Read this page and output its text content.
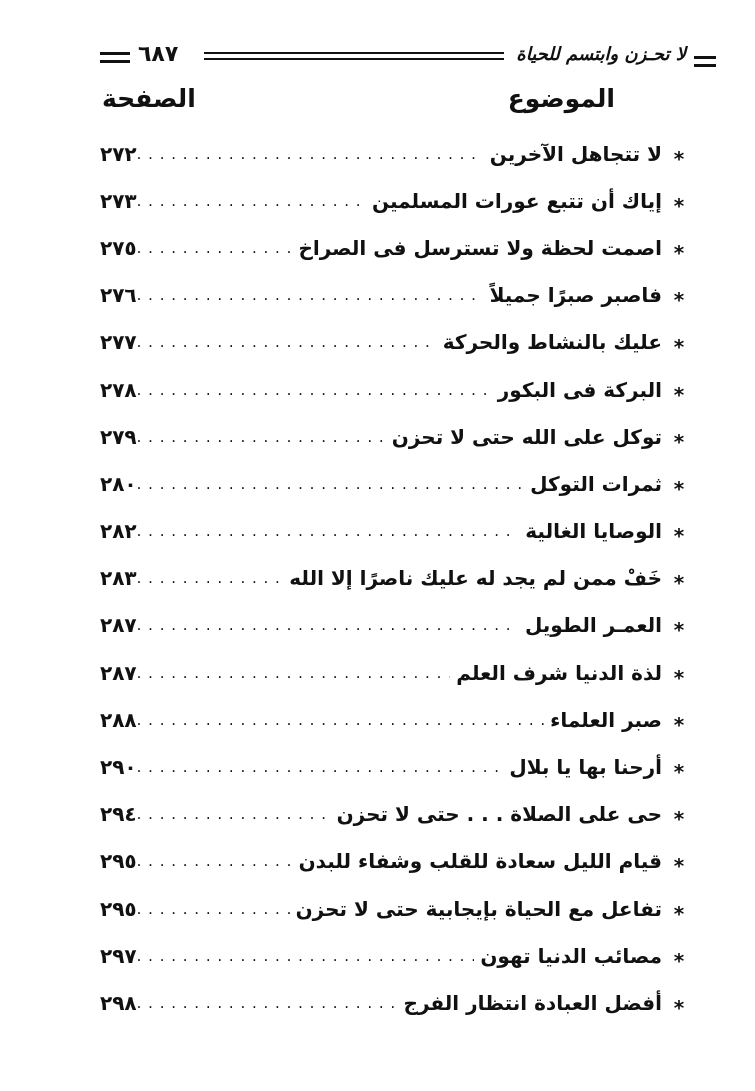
٦٨٧	لا تحـزن وابتسم للحياة
الموضوع
الصفحة
*
لا تتجاهل الآخرين
. . .
٢٧٢
*
إياك أن تتبع عورات المسلمين
. . .
٢٧٣
*
اصمت لحظة ولا تسترسل فى الصراخ
. . .
٢٧٥
*
فاصبر صبرًا جميلاً
. . .
٢٧٦
*
عليك بالنشاط والحركة
. . .
٢٧٧
*
البركة فى البكور
. . .
٢٧٨
*
توكل على الله حتى لا تحزن
. . .
٢٧٩
*
ثمرات التوكل
. . .
٢٨٠
*
الوصايا الغالية
. . .
٢٨٢
*
خَفْ ممن لم يجد له عليك ناصرًا إلا الله
. . .
٢٨٣
*
العمـر الطويل
. . .
٢٨٧
*
لذة الدنيا شرف العلم
. . .
٢٨٧
*
صبر العلماء
. . .
٢٨٨
*
أرحنا بها يا بلال
. . .
٢٩٠
*
حى على الصلاة . . . حتى لا تحزن
. . .
٢٩٤
*
قيام الليل سعادة للقلب وشفاء للبدن
. . .
٢٩٥
*
تفاعل مع الحياة بإيجابية حتى لا تحزن
. . .
٢٩٥
*
مصائب الدنيا تهون
. . .
٢٩٧
*
أفضل العبادة انتظار الفرج
. . .
٢٩٨
